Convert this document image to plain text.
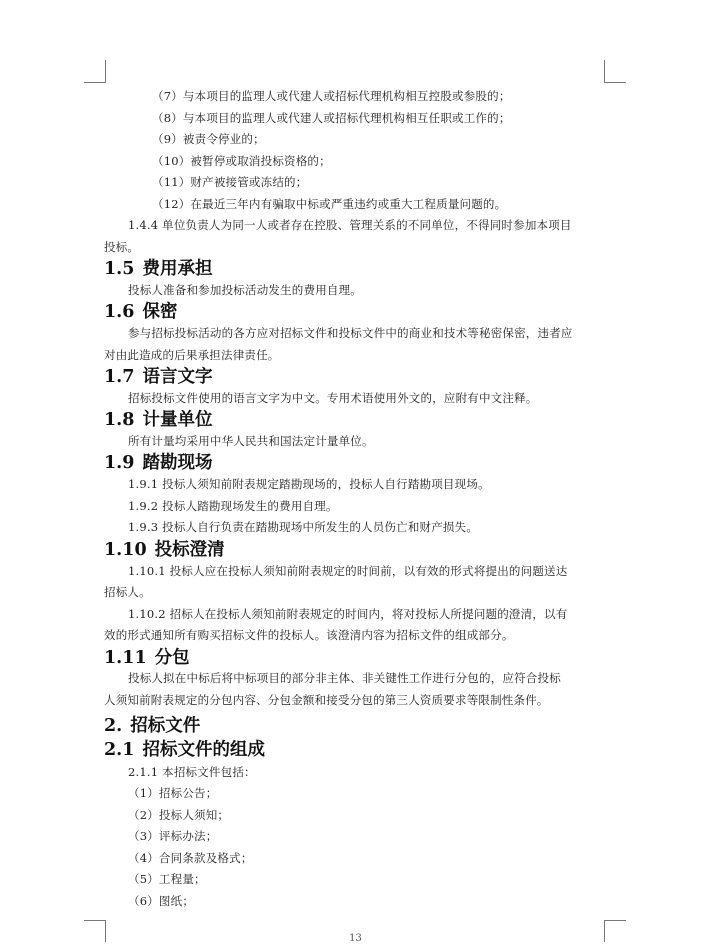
（7）与本项目的监理人或代建人或招标代理机构相互控股或参股的；
（8）与本项目的监理人或代建人或招标代理机构相互任职或工作的；
（9）被责令停业的；
（10）被暂停或取消投标资格的；
（11）财产被接管或冻结的；
（12）在最近三年内有骗取中标或严重违约或重大工程质量问题的。
1.4.4 单位负责人为同一人或者存在控股、管理关系的不同单位，不得同时参加本项目
投标。
1.5 费用承担
投标人准备和参加投标活动发生的费用自理。
1.6 保密
参与招标投标活动的各方应对招标文件和投标文件中的商业和技术等秘密保密，违者应
对由此造成的后果承担法律责任。
1.7 语言文字
招标投标文件使用的语言文字为中文。专用术语使用外文的，应附有中文注释。
1.8 计量单位
所有计量均采用中华人民共和国法定计量单位。
1.9 踏勘现场
1.9.1 投标人须知前附表规定踏勘现场的，投标人自行踏勘项目现场。
1.9.2 投标人踏勘现场发生的费用自理。
1.9.3 投标人自行负责在踏勘现场中所发生的人员伤亡和财产损失。
1.10 投标澄清
1.10.1 投标人应在投标人须知前附表规定的时间前，以有效的形式将提出的问题送达
招标人。
1.10.2 招标人在投标人须知前附表规定的时间内，将对投标人所提问题的澄清，以有
效的形式通知所有购买招标文件的投标人。该澄清内容为招标文件的组成部分。
1.11 分包
投标人拟在中标后将中标项目的部分非主体、非关键性工作进行分包的，应符合投标
人须知前附表规定的分包内容、分包金额和接受分包的第三人资质要求等限制性条件。
2. 招标文件
2.1 招标文件的组成
2.1.1 本招标文件包括：
（1）招标公告；
（2）投标人须知；
（3）评标办法；
（4）合同条款及格式；
（5）工程量；
（6）图纸；
13
